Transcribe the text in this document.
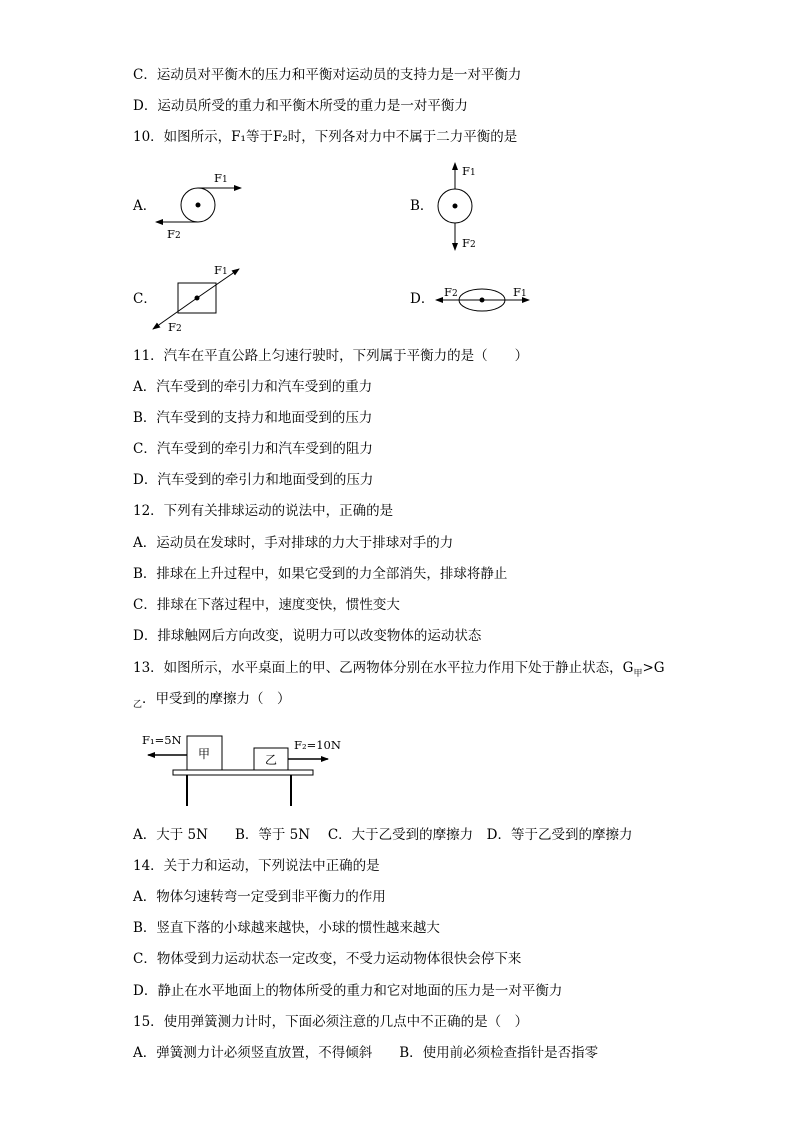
C．运动员对平衡木的压力和平衡对运动员的支持力是一对平衡力
D．运动员所受的重力和平衡木所受的重力是一对平衡力
10．如图所示，F₁等于F₂时，下列各对力中不属于二力平衡的是
A．
F1
F2
B．
F1
F2
C．
F1
F2
D． F2	F1
11．汽车在平直公路上匀速行驶时，下列属于平衡力的是（　　）
A．汽车受到的牵引力和汽车受到的重力
B．汽车受到的支持力和地面受到的压力
C．汽车受到的牵引力和汽车受到的阻力
D．汽车受到的牵引力和地面受到的压力
12．下列有关排球运动的说法中，正确的是
A．运动员在发球时，手对排球的力大于排球对手的力
B．排球在上升过程中，如果它受到的力全部消失，排球将静止
C．排球在下落过程中，速度变快，惯性变大
D．排球触网后方向改变，说明力可以改变物体的运动状态
13．如图所示，水平桌面上的甲、乙两物体分别在水平拉力作用下处于静止状态，$G_甲>G$
$_乙$．甲受到的摩擦力（　）
F₁=5N	F₂=10N
甲	乙
A．大于 5N　　B．等于 5N　 C．大于乙受到的摩擦力　D．等于乙受到的摩擦力
14．关于力和运动，下列说法中正确的是
A．物体匀速转弯一定受到非平衡力的作用
B．竖直下落的小球越来越快，小球的惯性越来越大
C．物体受到力运动状态一定改变，不受力运动物体很快会停下来
D．静止在水平地面上的物体所受的重力和它对地面的压力是一对平衡力
15．使用弹簧测力计时，下面必须注意的几点中不正确的是（　）
A．弹簧测力计必须竖直放置，不得倾斜　　B．使用前必须检查指针是否指零
